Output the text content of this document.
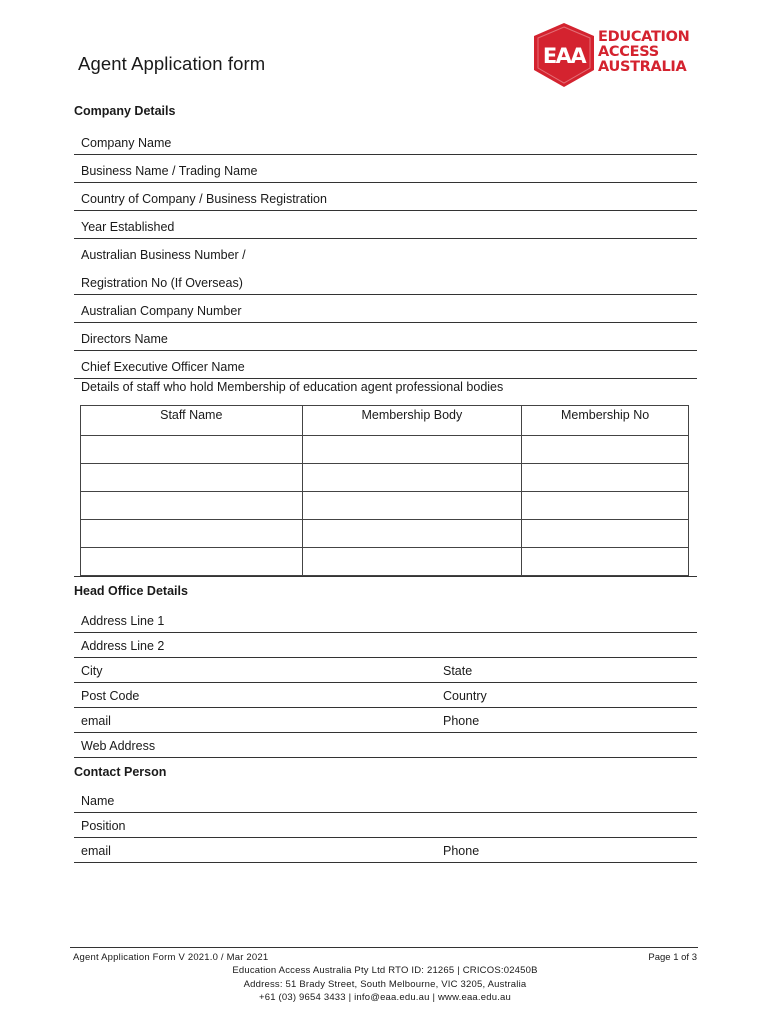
Agent Application form	EAA
EDUCATION
ACCESS
AUSTRALIA
Company Details
Company Name
Business Name / Trading Name
Country of Company / Business Registration
Year Established
Australian Business Number /
Registration No (If Overseas)
Australian Company Number
Directors Name
Chief Executive Officer Name
Details of staff who hold Membership of education agent professional bodies
Staff Name	Membership Body	Membership No

Head Office Details
Address Line 1
Address Line 2
City	State
Post Code	Country
email	Phone
Web Address
Contact Person
Name
Position
email	Phone
Agent Application Form V 2021.0 / Mar 2021	Page 1 of 3
Education Access Australia Pty Ltd RTO ID: 21265 | CRICOS:02450B
Address: 51 Brady Street, South Melbourne, VIC 3205, Australia
+61 (03) 9654 3433 | info@eaa.edu.au | www.eaa.edu.au
